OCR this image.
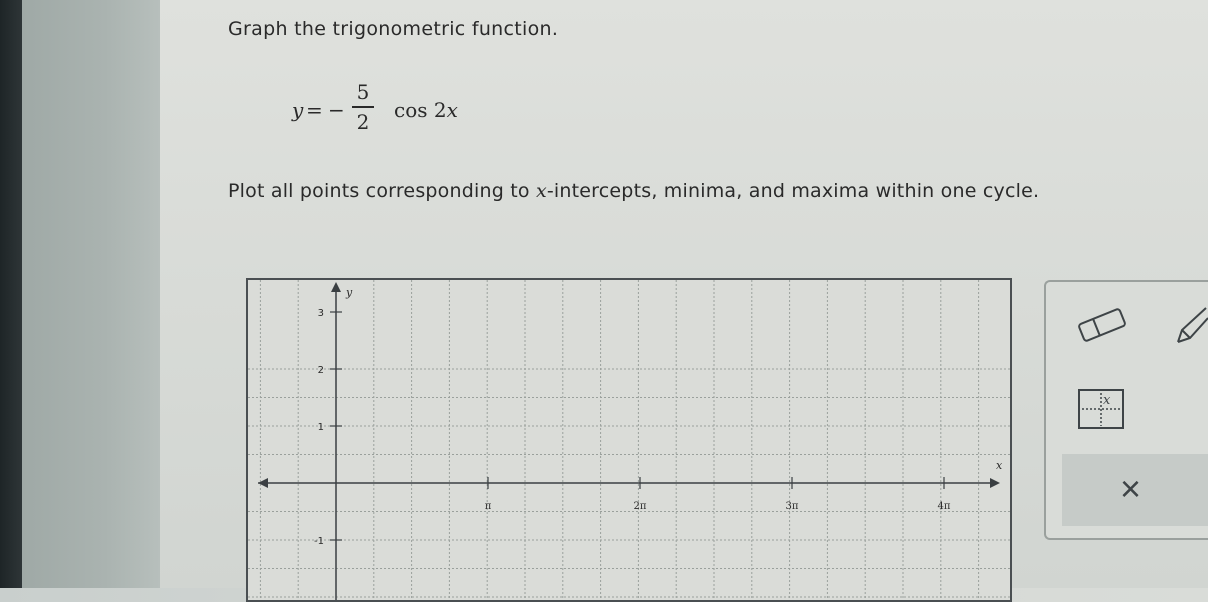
Graph the trigonometric function.
y = −
5
2 cos 2x
Plot all points corresponding to x-intercepts, minima, and maxima within one cycle.
x
y
π	2π	3π	4π
3
2
1
-1
x
×
